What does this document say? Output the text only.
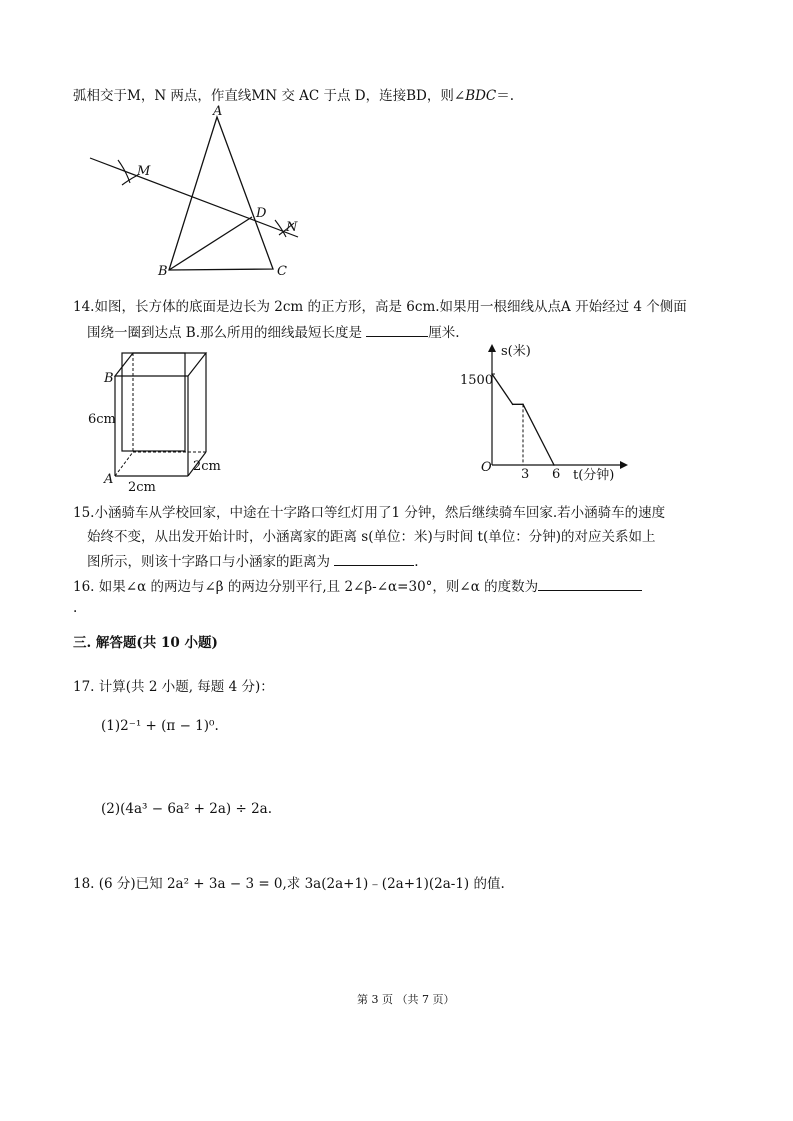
弧相交于M，N 两点，作直线MN 交 AC 于点 D，连接BD，则∠BDC＝.
A
B	C
D
M
N
14.如图，长方体的底面是边长为 2cm 的正方形，高是 6cm.如果用一根细线从点A 开始经过 4 个侧面
围绕一圈到达点 B.那么所用的细线最短长度是	厘米.
B
A
6cm
2cm
2cm
s(米)
t(分钟)
1500
O 3 6
15.小涵骑车从学校回家，中途在十字路口等红灯用了1 分钟，然后继续骑车回家.若小涵骑车的速度
始终不变，从出发开始计时，小涵离家的距离 s(单位：米)与时间 t(单位：分钟)的对应关系如上
图所示，则该十字路口与小涵家的距离为	.
16. 如果∠α 的两边与∠β 的两边分别平行,且 2∠β-∠α=30°，则∠α 的度数为
.
三. 解答题(共 10 小题)
17. 计算(共 2 小题, 每题 4 分)：
(1)2⁻¹ + (π − 1)⁰.
(2)(4a³ − 6a² + 2a) ÷ 2a.
18. (6 分)已知 2a² + 3a − 3 = 0,求 3a(2a+1)﹣(2a+1)(2a-1) 的值.
第 3 页 （共 7 页）
